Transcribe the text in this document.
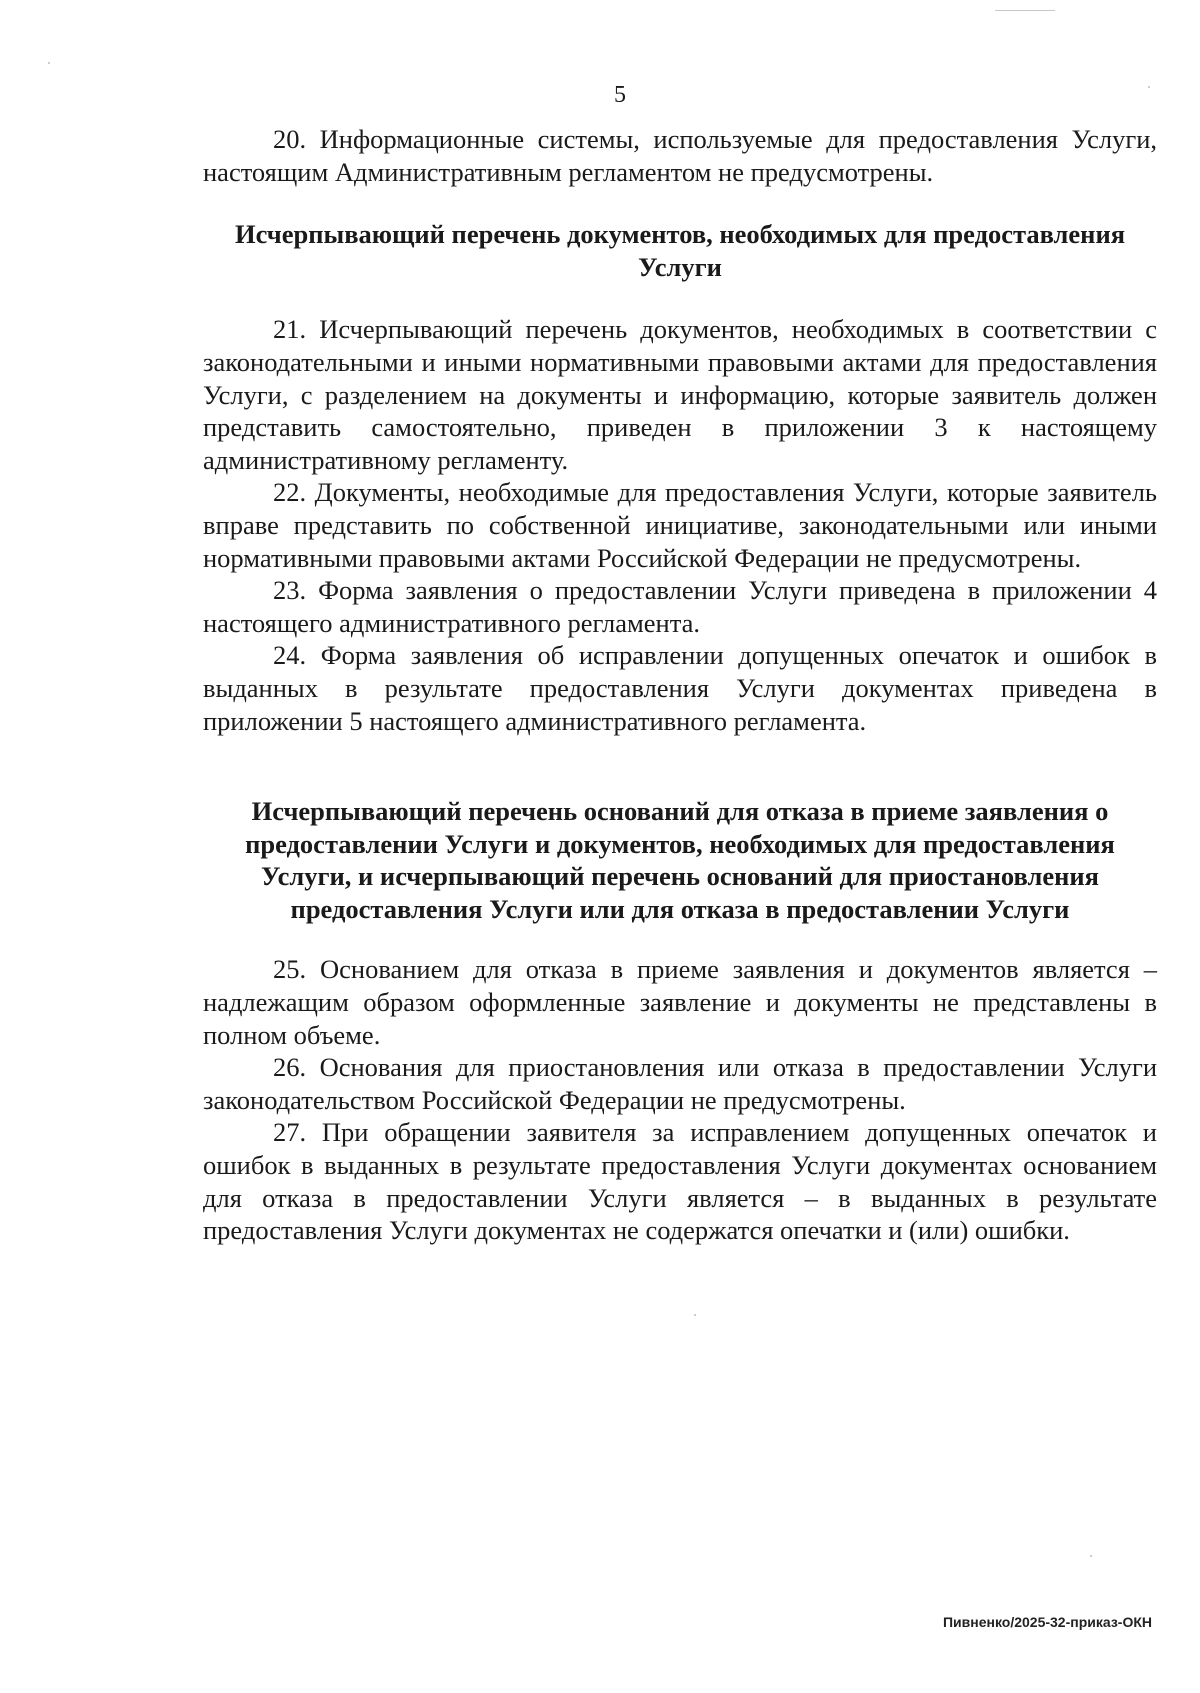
5

20. Информационные системы, используемые для предоставления Услуги, настоящим Административным регламентом не предусмотрены.

Исчерпывающий перечень документов, необходимых для предоставления Услуги

21. Исчерпывающий перечень документов, необходимых в соответствии с законодательными и иными нормативными правовыми актами для предоставления Услуги, с разделением на документы и информацию, которые заявитель должен представить самостоятельно, приведен в приложении 3 к настоящему административному регламенту.

22. Документы, необходимые для предоставления Услуги, которые заявитель вправе представить по собственной инициативе, законодательными или иными нормативными правовыми актами Российской Федерации не предусмотрены.

23. Форма заявления о предоставлении Услуги приведена в приложении 4 настоящего административного регламента.

24. Форма заявления об исправлении допущенных опечаток и ошибок в выданных в результате предоставления Услуги документах приведена в приложении 5 настоящего административного регламента.

Исчерпывающий перечень оснований для отказа в приеме заявления о предоставлении Услуги и документов, необходимых для предоставления Услуги, и исчерпывающий перечень оснований для приостановления предоставления Услуги или для отказа в предоставлении Услуги

25. Основанием для отказа в приеме заявления и документов является – надлежащим образом оформленные заявление и документы не представлены в полном объеме.

26. Основания для приостановления или отказа в предоставлении Услуги законодательством Российской Федерации не предусмотрены.

27. При обращении заявителя за исправлением допущенных опечаток и ошибок в выданных в результате предоставления Услуги документах основанием для отказа в предоставлении Услуги является – в выданных в результате предоставления Услуги документах не содержатся опечатки и (или) ошибки.

Пивненко/2025-32-приказ-ОКН
